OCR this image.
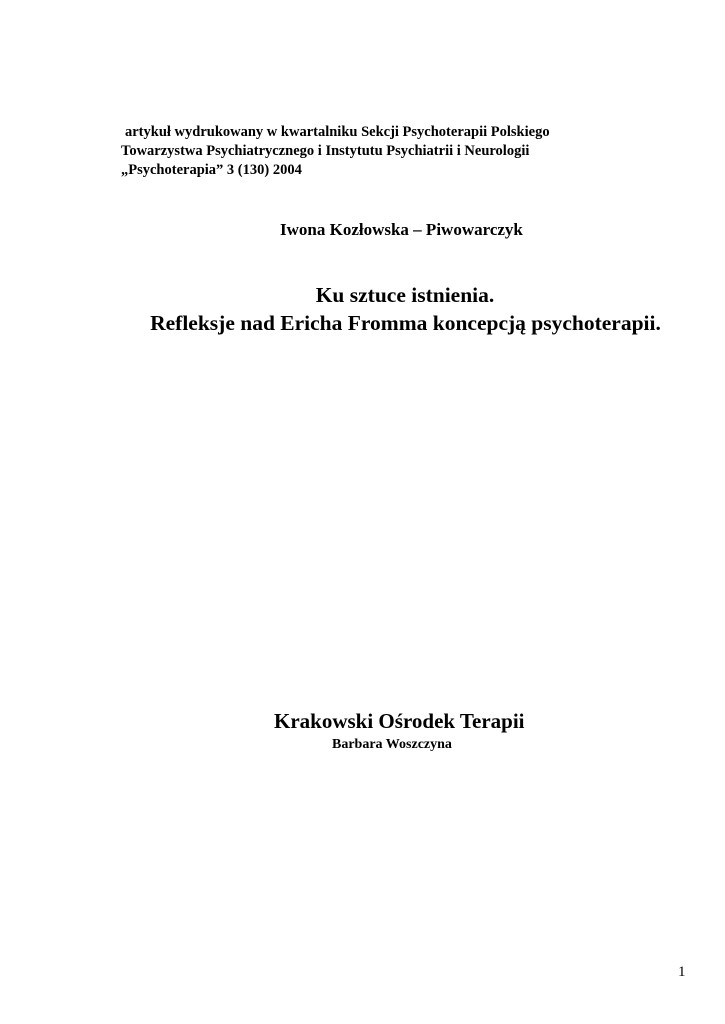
artykuł wydrukowany w kwartalniku Sekcji Psychoterapii Polskiego
Towarzystwa Psychiatrycznego i Instytutu Psychiatrii i Neurologii
„Psychoterapia” 3 (130) 2004
Iwona Kozłowska – Piwowarczyk
Ku sztuce istnienia.
Refleksje nad Ericha Fromma koncepcją psychoterapii.
Krakowski Ośrodek Terapii
Barbara Woszczyna
1
